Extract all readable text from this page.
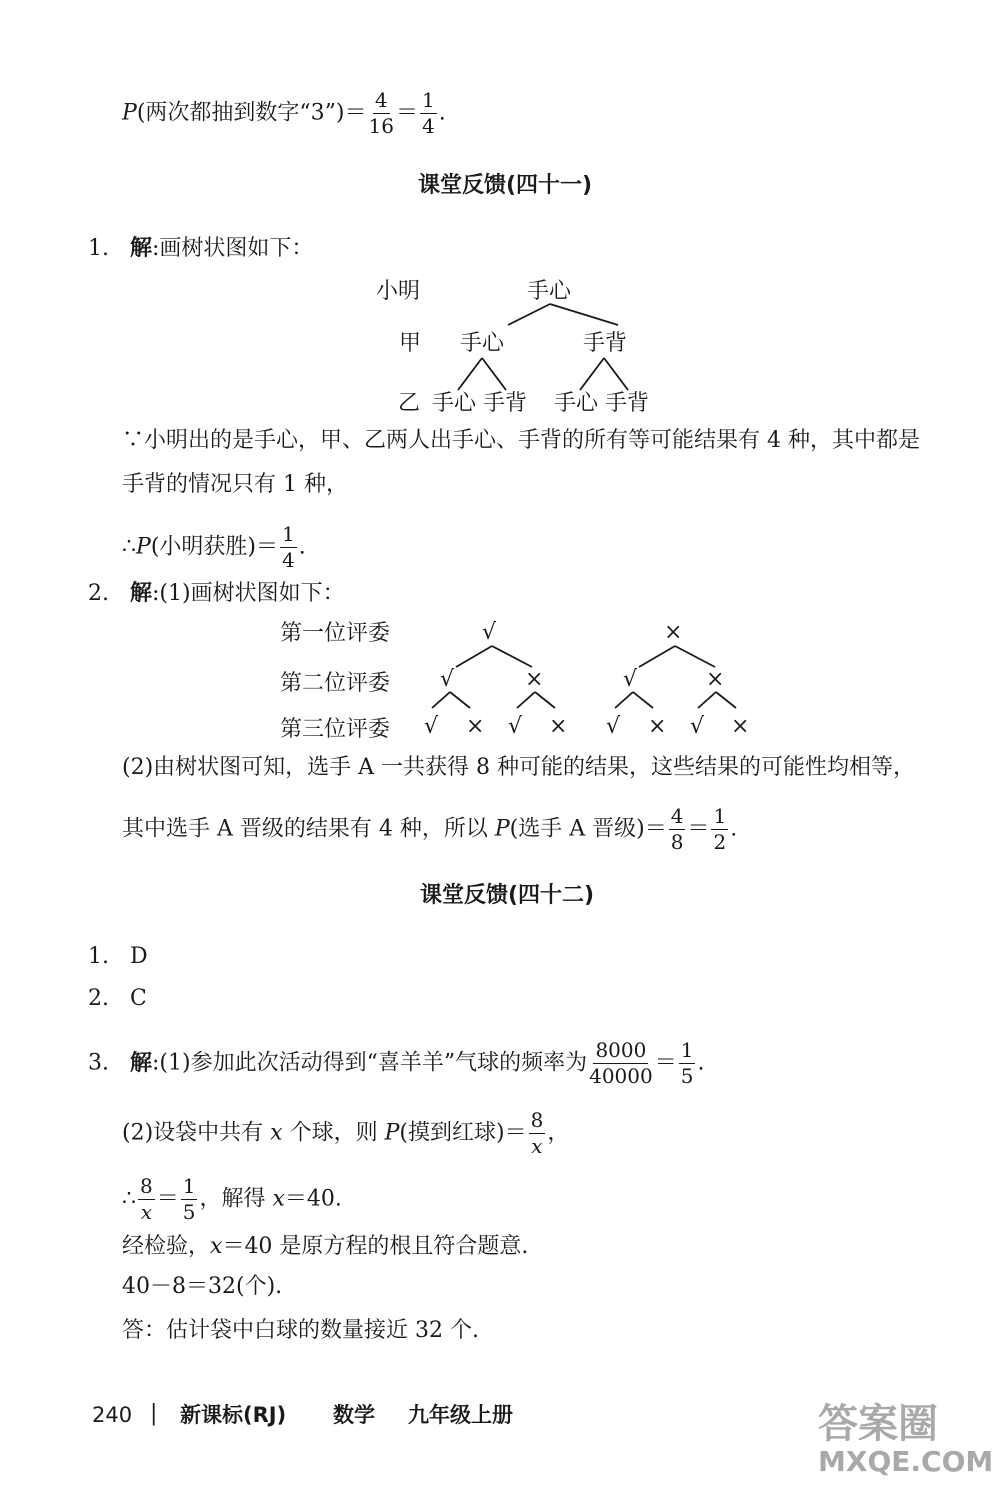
P(两次都抽到数字“3”)＝ $\frac{4}{16} = \frac{1}{4}$ .
课堂反馈(四十一)
1. 解:画树状图如下：
小明	手心
甲 手心	手背
乙 手心 手背 手心 手背
∵小明出的是手心，甲、乙两人出手心、手背的所有等可能结果有 4 种，其中都是
手背的情况只有 1 种，
∴P(小明获胜)＝ $\frac{1}{4}$ .
2. 解:(1)画树状图如下：
第一位评委	√	×
第二位评委 √	×	√	×
第三位评委 √ × √ × √ × √ ×
(2)由树状图可知，选手 A 一共获得 8 种可能的结果，这些结果的可能性均相等，
其中选手 A 晋级的结果有 4 种，所以 P(选手 A 晋级)＝ $\frac{4}{8} = \frac{1}{2}$ .
课堂反馈(四十二)
1. D
2. C
3. 解:(1)参加此次活动得到“喜羊羊”气球的频率为 $\frac{8000}{40000} = \frac{1}{5}$ .
(2)设袋中共有 x 个球，则 P(摸到红球)＝ $\frac{8}{x}$ ，
∴ $\frac{8}{x} = \frac{1}{5}$ ，解得 x＝40.
经检验，x＝40 是原方程的根且符合题意.
40－8＝32(个).
答：估计袋中白球的数量接近 32 个.
240 | 新课标(RJ) 数学 九年级上册	答案圈
MXQE.COM
